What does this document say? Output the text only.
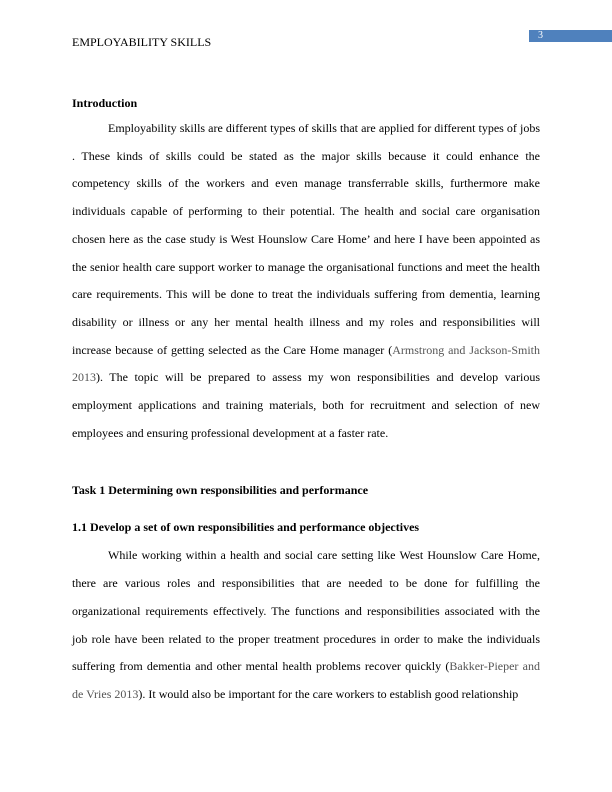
3
EMPLOYABILITY SKILLS

Introduction

Employability skills are different types of skills that are applied for different types of jobs . These kinds of skills could be stated as the major skills because it could enhance the competency skills of the workers and even manage transferrable skills, furthermore make individuals capable of performing to their potential. The health and social care organisation chosen here as the case study is West Hounslow Care Home’ and here I have been appointed as the senior health care support worker to manage the organisational functions and meet the health care requirements. This will be done to treat the individuals suffering from dementia, learning disability or illness or any her mental health illness and my roles and responsibilities will increase because of getting selected as the Care Home manager (Armstrong and Jackson-Smith 2013). The topic will be prepared to assess my won responsibilities and develop various employment applications and training materials, both for recruitment and selection of new employees and ensuring professional development at a faster rate.

Task 1 Determining own responsibilities and performance

1.1 Develop a set of own responsibilities and performance objectives

While working within a health and social care setting like West Hounslow Care Home, there are various roles and responsibilities that are needed to be done for fulfilling the organizational requirements effectively. The functions and responsibilities associated with the job role have been related to the proper treatment procedures in order to make the individuals suffering from dementia and other mental health problems recover quickly (Bakker-Pieper and de Vries 2013). It would also be important for the care workers to establish good relationship
